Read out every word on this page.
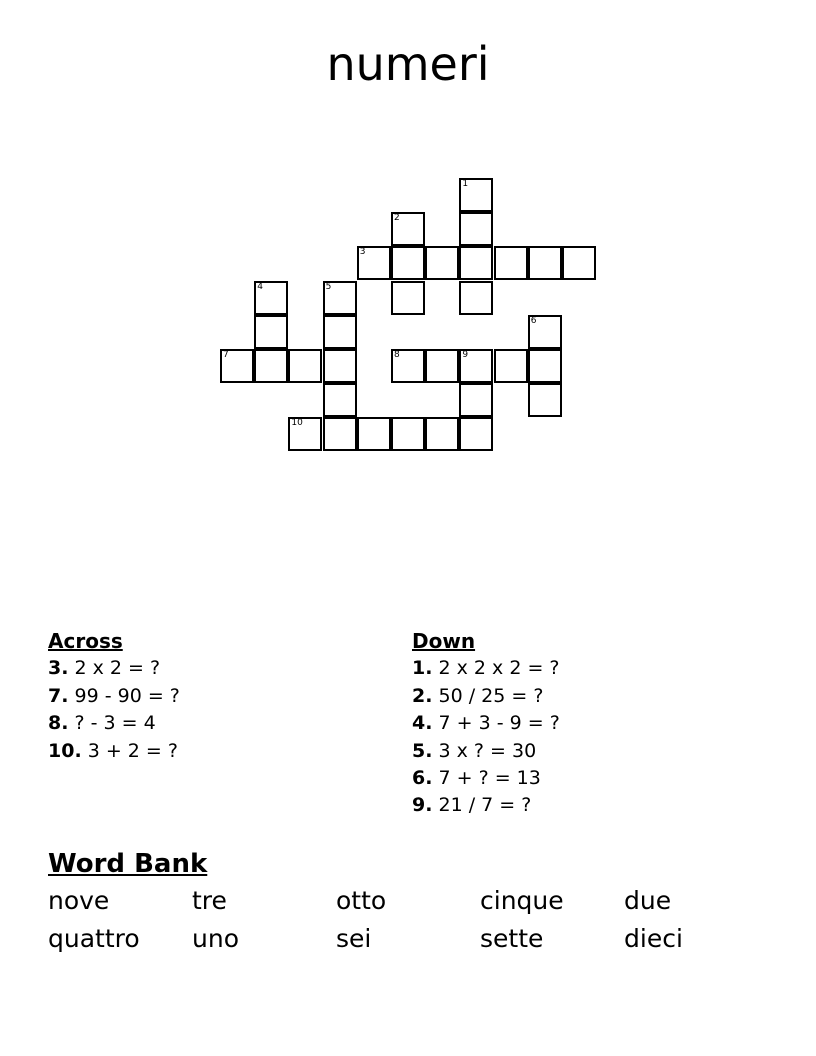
numeri
1
2
3
4	5
6
7	8	9
10
Across
3. 2 x 2 = ?
7. 99 - 90 = ?
8. ? - 3 = 4
10. 3 + 2 = ?
Down
1. 2 x 2 x 2 = ?
2. 50 / 25 = ?
4. 7 + 3 - 9 = ?
5. 3 x ? = 30
6. 7 + ? = 13
9. 21 / 7 = ?
Word Bank
nove	tre	otto	cinque	due
quattro	uno	sei	sette	dieci
